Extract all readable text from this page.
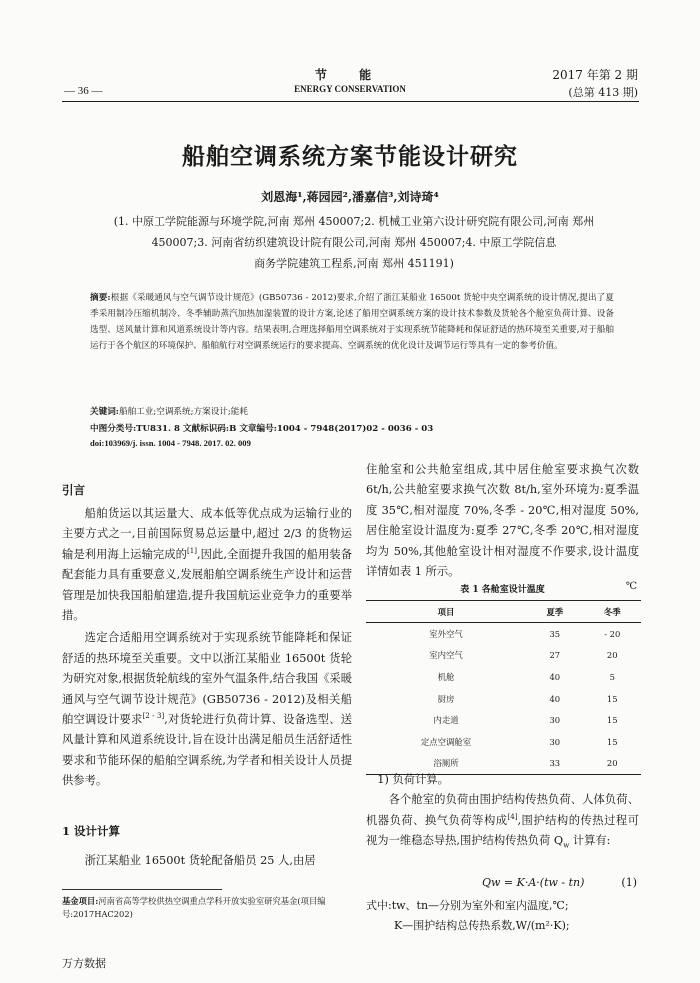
节 能
ENERGY CONSERVATION
— 36 —
2017 年第 2 期
(总第 413 期)
船舶空调系统方案节能设计研究
刘恩海¹,蒋园园²,潘嘉信³,刘诗琦⁴
(1. 中原工学院能源与环境学院,河南 郑州 450007;2. 机械工业第六设计研究院有限公司,河南 郑州
450007;3. 河南省纺织建筑设计院有限公司,河南 郑州 450007;4. 中原工学院信息
商务学院建筑工程系,河南 郑州 451191)
摘要:根据《采暖通风与空气调节设计规范》(GB50736 - 2012)要求,介绍了浙江某船业 16500t 货轮中央空调系统的设计情况,提出了夏季采用制冷压缩机制冷、冬季辅助蒸汽加热加湿装置的设计方案,论述了船用空调系统方案的设计技术参数及货轮各个舱室负荷计算、设备选型、送风量计算和风道系统设计等内容。结果表明,合理选择船用空调系统对于实现系统节能降耗和保证舒适的热环境至关重要,对于船舶运行于各个航区的环境保护、船舶航行对空调系统运行的要求提高、空调系统的优化设计及调节运行等具有一定的参考价值。
关键词:船舶工业;空调系统;方案设计;能耗
中图分类号:TU831. 8 文献标识码:B 文章编号:1004 - 7948(2017)02 - 0036 - 03
doi:103969/j. issn. 1004 - 7948. 2017. 02. 009
引言

船舶货运以其运量大、成本低等优点成为运输行业的主要方式之一,目前国际贸易总运量中,超过 2/3 的货物运输是利用海上运输完成的[1],因此,全面提升我国的船用装备配套能力具有重要意义,发展船舶空调系统生产设计和运营管理是加快我国船舶建造,提升我国航运业竞争力的重要举措。

选定合适船用空调系统对于实现系统节能降耗和保证舒适的热环境至关重要。文中以浙江某船业 16500t 货轮为研究对象,根据货轮航线的室外气温条件,结合我国《采暖通风与空气调节设计规范》(GB50736 - 2012)及相关船舶空调设计要求[2 - 3],对货轮进行负荷计算、设备选型、送风量计算和风道系统设计,旨在设计出满足船员生活舒适性要求和节能环保的船舶空调系统,为学者和相关设计人员提供参考。

1 设计计算

浙江某船业 16500t 货轮配备船员 25 人,由居

基金项目:河南省高等学校供热空调重点学科开放实验室研究基金(项目编号:2017HAC202)

住舱室和公共舱室组成,其中居住舱室要求换气次数 6t/h,公共舱室要求换气次数 8t/h,室外环境为:夏季温度 35℃,相对湿度 70%,冬季 - 20℃,相对湿度 50%,居住舱室设计温度为:夏季 27℃,冬季 20℃,相对湿度均为 50%,其他舱室设计相对湿度不作要求,设计温度详情如表 1 所示。

表 1 各舱室设计温度	℃
项目	夏季	冬季
室外空气	35	- 20
室内空气	27	20
机舱	40	5
厨房	40	15
内走道	30	15
定点空调舱室	30	15
浴厕所	33	20

1) 负荷计算。

各个舱室的负荷由围护结构传热负荷、人体负荷、机器负荷、换气负荷等构成[4],围护结构的传热过程可视为一维稳态导热,围护结构传热负荷 $Q_w$ 计算有:

Qw = K·A·(tw - tn)	(1)
式中:tw、tn—分别为室外和室内温度,℃;
K—围护结构总传热系数,W/(m²·K);
万方数据
